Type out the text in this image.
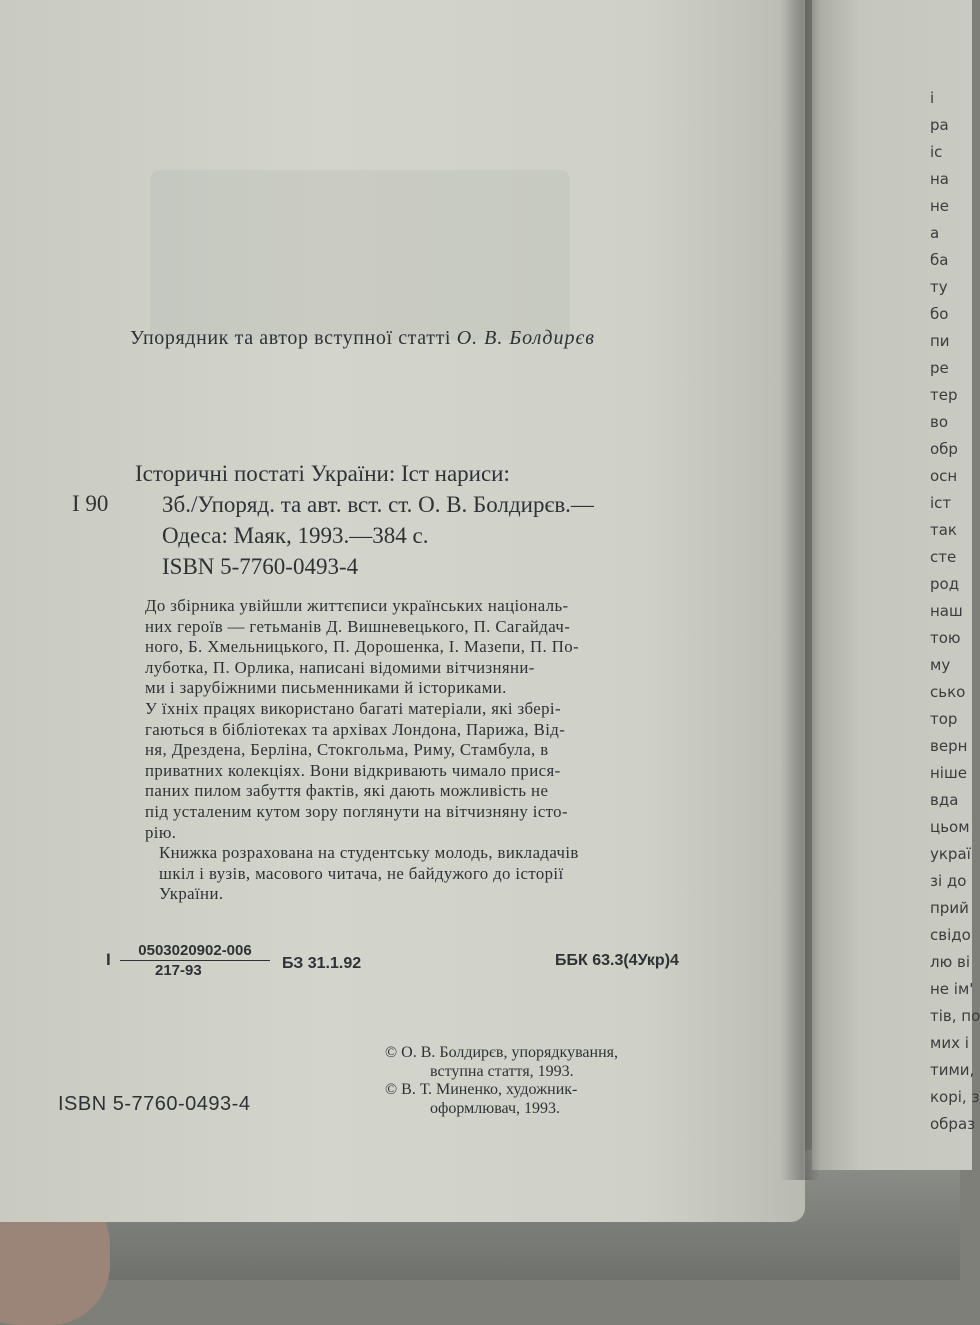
Упорядник та автор вступної статті О. В. Болдирєв
І 90
Історичні постаті України: Іст нариси:
Зб./Упоряд. та авт. вст. ст. О. В. Болдирєв.—
Одеса: Маяк, 1993.—384 с.
ISBN 5-7760-0493-4
До збірника увійшли життєписи українських національ-
них героїв — гетьманів Д. Вишневецького, П. Сагайдач-
ного, Б. Хмельницького, П. Дорошенка, І. Мазепи, П. По-
луботка, П. Орлика, написані відомими вітчизняни-
ми і зарубіжними письменниками й істориками.
У їхніх працях використано багаті матеріали, які збері-
гаються в бібліотеках та архівах Лондона, Парижа, Від-
ня, Дрездена, Берліна, Стокгольма, Риму, Стамбула, в
приватних колекціях. Вони відкривають чимало прися-
паних пилом забуття фактів, які дають можливість не
під усталеним кутом зору поглянути на вітчизняну істо-
рію.
Книжка розрахована на студентську молодь, викладачів
шкіл і вузів, масового читача, не байдужого до історії
України.
І $\frac{0503020902-006}{217-93}$ БЗ 31.1.92	ББК 63.3(4Укр)4
© О. В. Болдирєв, упорядкування,
вступна стаття, 1993.
© В. Т. Миненко, художник-
оформлювач, 1993.
ISBN 5-7760-0493-4
і
ра
іс
на
не
а
ба
ту
бо
пи
ре
тер
во
обр
осн
іст
так
сте
род
наш
тою
му
сько
тор
верн
ніше
вда
цьом
украї
зі до
прий
свідо
лю ві
не ім'
тів, по
мих і
тими,
корі, з
образ
